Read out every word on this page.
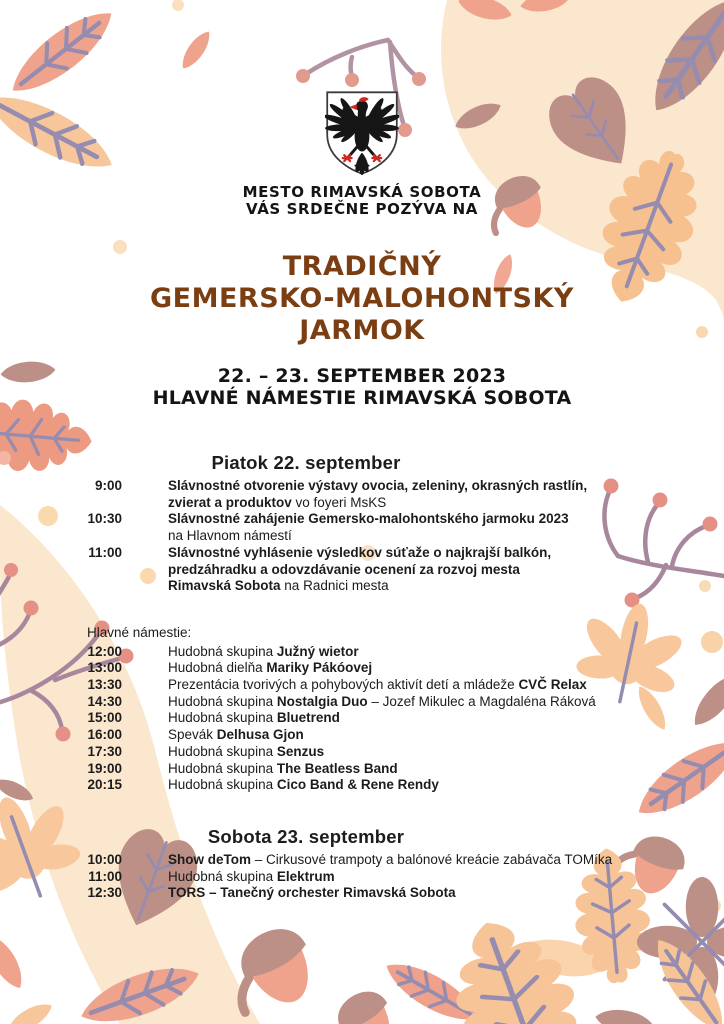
MESTO RIMAVSKÁ SOBOTA
VÁS SRDEČNE POZÝVA NA
TRADIČNÝ
GEMERSKO-MALOHONTSKÝ
JARMOK
22. – 23. SEPTEMBER 2023
HLAVNÉ NÁMESTIE RIMAVSKÁ SOBOTA
Piatok 22. september
9:00	Slávnostné otvorenie výstavy ovocia, zeleniny, okrasných rastlín,
zvierat a produktov vo foyeri MsKS
10:30	Slávnostné zahájenie Gemersko-malohontského jarmoku 2023
na Hlavnom námestí
11:00	Slávnostné vyhlásenie výsledkov súťaže o najkrajší balkón,
predzáhradku a odovzdávanie ocenení za rozvoj mesta
Rimavská Sobota na Radnici mesta
Hlavné námestie:
12:00	Hudobná skupina Južný wietor
13:00	Hudobná dielňa Mariky Pákóovej
13:30	Prezentácia tvorivých a pohybových aktivít detí a mládeže CVČ Relax
14:30	Hudobná skupina Nostalgia Duo – Jozef Mikulec a Magdaléna Ráková
15:00	Hudobná skupina Bluetrend
16:00	Spevák Delhusa Gjon
17:30	Hudobná skupina Senzus
19:00	Hudobná skupina The Beatless Band
20:15	Hudobná skupina Cico Band & Rene Rendy
Sobota 23. september
10:00	Show deTom – Cirkusové trampoty a balónové kreácie zabávača TOMíka
11:00	Hudobná skupina Elektrum
12:30	TORS – Tanečný orchester Rimavská Sobota
